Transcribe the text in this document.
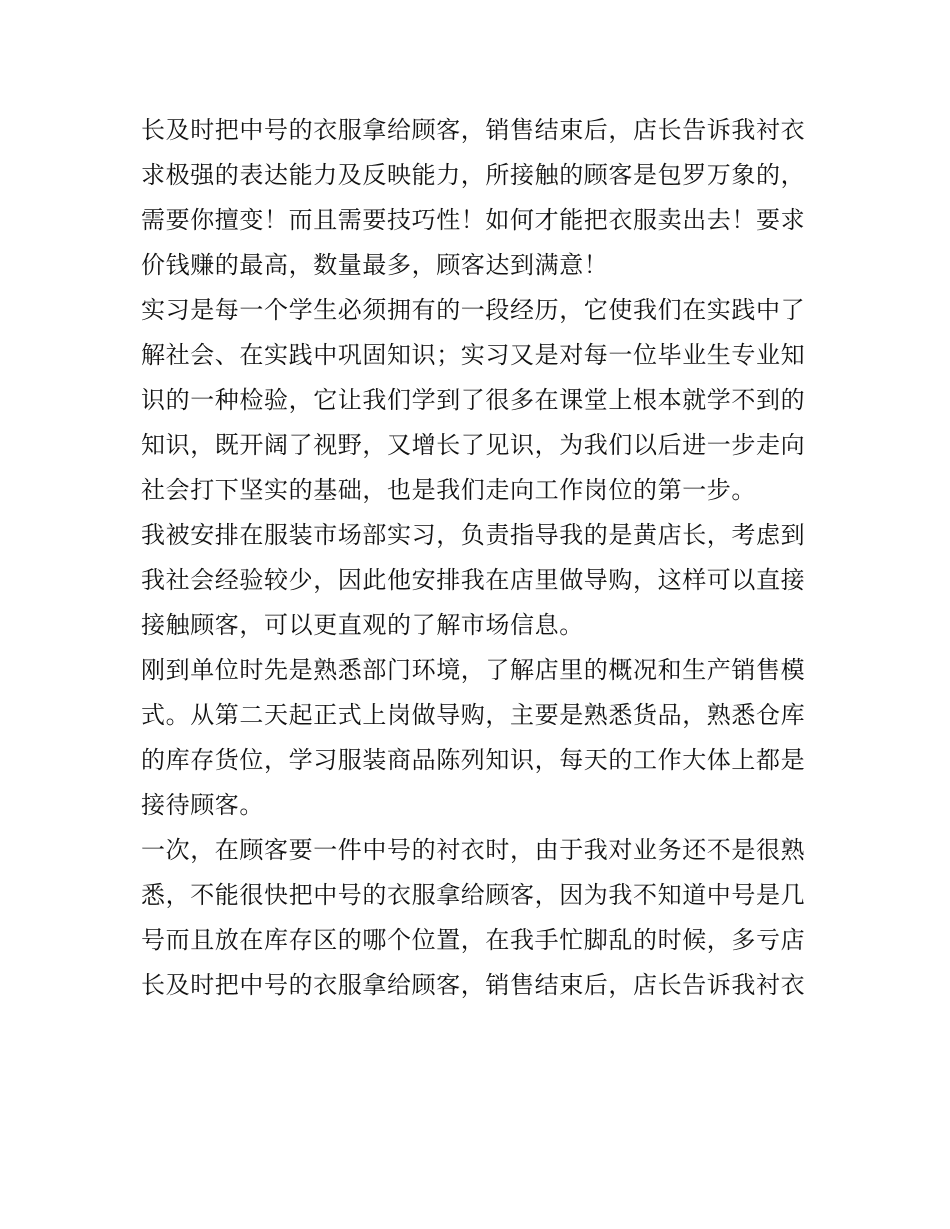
长及时把中号的衣服拿给顾客，销售结束后，店长告诉我衬衣
求极强的表达能力及反映能力，所接触的顾客是包罗万象的，
需要你擅变！而且需要技巧性！如何才能把衣服卖出去！要求
价钱赚的最高，数量最多，顾客达到满意！
实习是每一个学生必须拥有的一段经历，它使我们在实践中了
解社会、在实践中巩固知识；实习又是对每一位毕业生专业知
识的一种检验，它让我们学到了很多在课堂上根本就学不到的
知识，既开阔了视野，又增长了见识，为我们以后进一步走向
社会打下坚实的基础，也是我们走向工作岗位的第一步。
我被安排在服装市场部实习，负责指导我的是黄店长，考虑到
我社会经验较少，因此他安排我在店里做导购，这样可以直接
接触顾客，可以更直观的了解市场信息。
刚到单位时先是熟悉部门环境，了解店里的概况和生产销售模
式。从第二天起正式上岗做导购，主要是熟悉货品，熟悉仓库
的库存货位，学习服装商品陈列知识，每天的工作大体上都是
接待顾客。
一次，在顾客要一件中号的衬衣时，由于我对业务还不是很熟
悉，不能很快把中号的衣服拿给顾客，因为我不知道中号是几
号而且放在库存区的哪个位置，在我手忙脚乱的时候，多亏店
长及时把中号的衣服拿给顾客，销售结束后，店长告诉我衬衣
